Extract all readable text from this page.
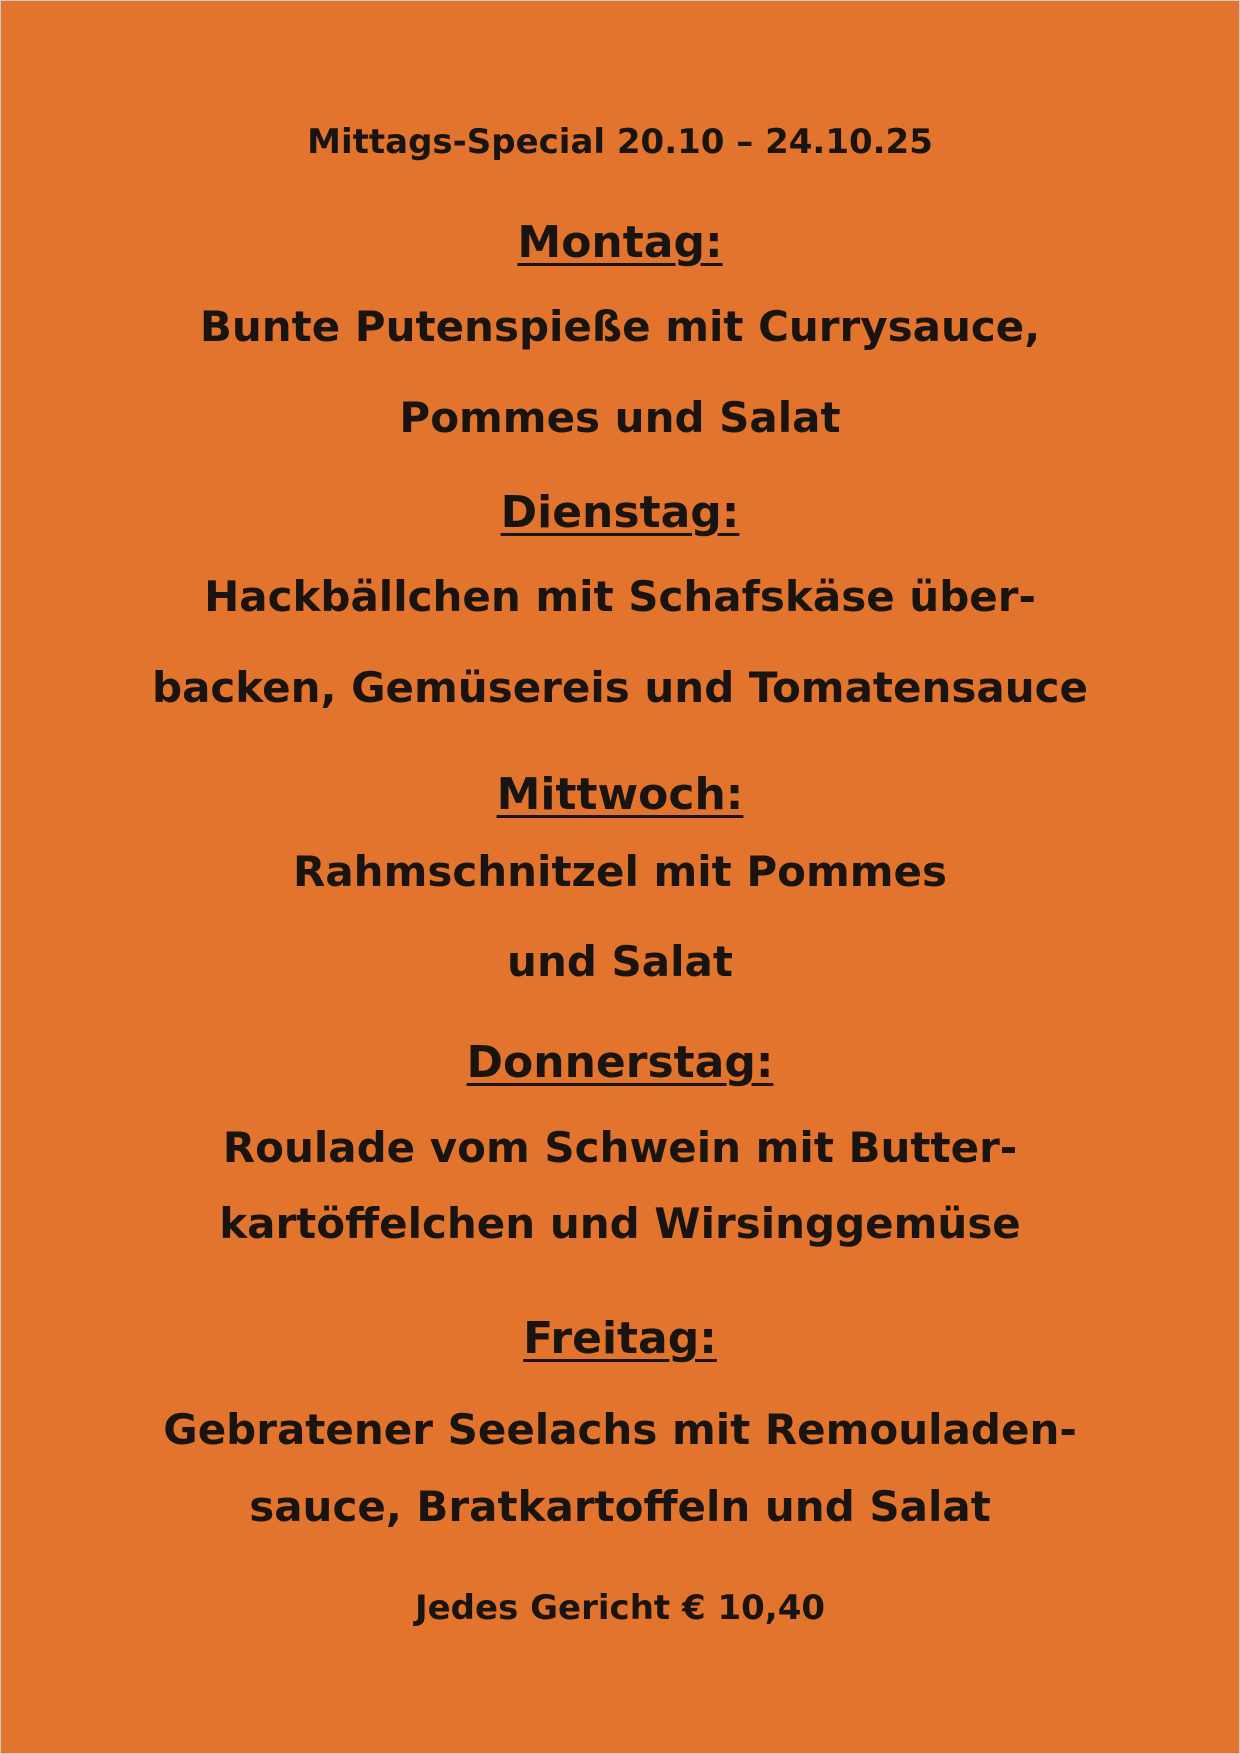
Mittags-Special 20.10 – 24.10.25

Montag:

Bunte Putenspieße mit Currysauce,

Pommes und Salat

Dienstag:

Hackbällchen mit Schafskäse über-

backen, Gemüsereis und Tomatensauce

Mittwoch:

Rahmschnitzel mit Pommes

und Salat

Donnerstag:

Roulade vom Schwein mit Butter-

kartöffelchen und Wirsinggemüse

Freitag:

Gebratener Seelachs mit Remouladen-

sauce, Bratkartoffeln und Salat

Jedes Gericht € 10,40
